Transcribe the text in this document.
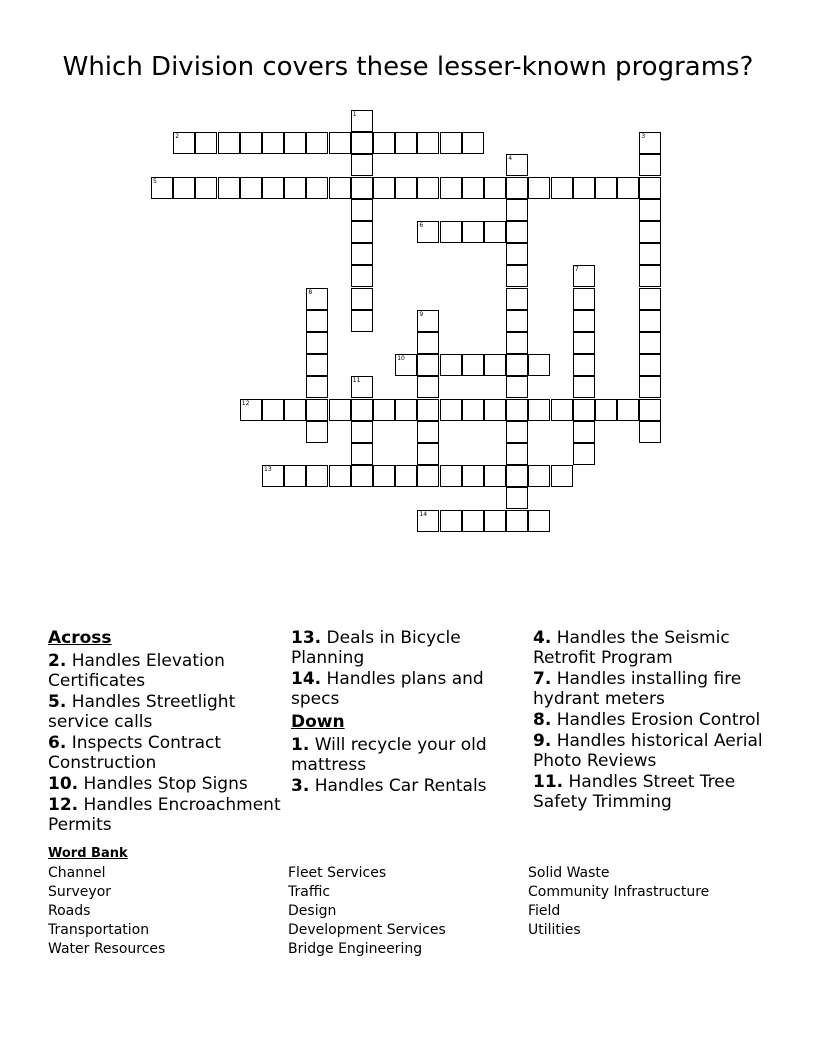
Which Division covers these lesser-known programs?
1
2	3
4
5
6
7
8
9
10
11
12
13
14
Across
2. Handles Elevation Certificates
5. Handles Streetlight service calls
6. Inspects Contract Construction
10. Handles Stop Signs
12. Handles Encroachment Permits
13. Deals in Bicycle Planning
14. Handles plans and specs
Down
1. Will recycle your old mattress
3. Handles Car Rentals
4. Handles the Seismic Retrofit Program
7. Handles installing fire hydrant meters
8. Handles Erosion Control
9. Handles historical Aerial Photo Reviews
11. Handles Street Tree Safety Trimming
Word Bank
Channel
Surveyor
Roads
Transportation
Water Resources
Fleet Services
Traffic
Design
Development Services
Bridge Engineering
Solid Waste
Community Infrastructure
Field
Utilities
